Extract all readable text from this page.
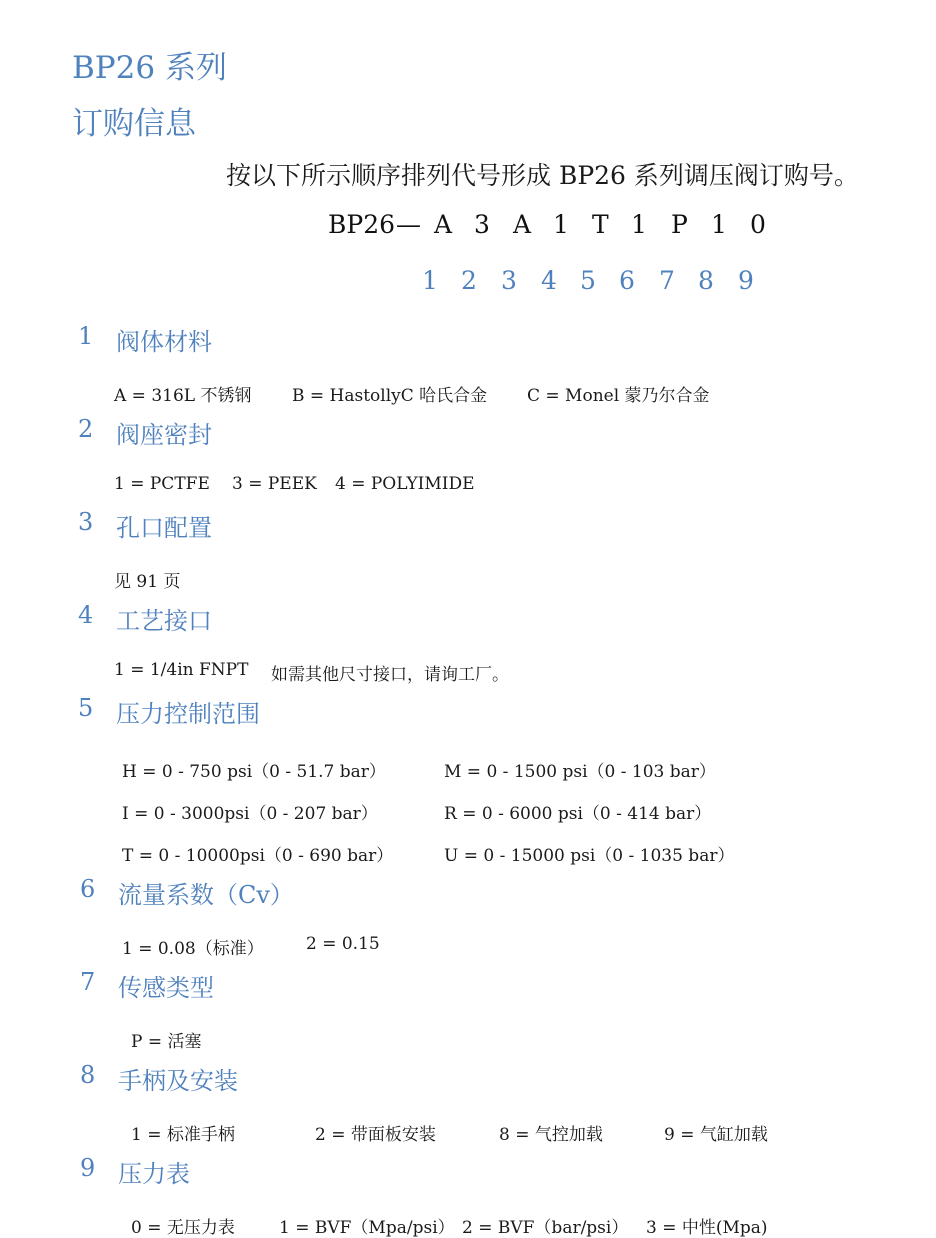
BP26 系列
订购信息
按以下所示顺序排列代号形成 BP26 系列调压阀订购号。
BP26 — A 3 A 1 T 1 P 1 0
1 2 3 4 5 6 7 8 9
1 阀体材料
A = 316L 不锈钢 B = HastollyC 哈氏合金 C = Monel 蒙乃尔合金
2 阀座密封
1 = PCTFE 3 = PEEK 4 = POLYIMIDE
3 孔口配置
见 91 页
4 工艺接口
1 = 1/4in FNPT 如需其他尺寸接口，请询工厂。
5 压力控制范围
H = 0 - 750 psi（0 - 51.7 bar）	M = 0 - 1500 psi（0 - 103 bar）
I = 0 - 3000psi（0 - 207 bar）	R = 0 - 6000 psi（0 - 414 bar）
T = 0 - 10000psi（0 - 690 bar）	U = 0 - 15000 psi（0 - 1035 bar）
6 流量系数（Cv）
1 = 0.08（标准） 2 = 0.15
7 传感类型
P = 活塞
8 手柄及安装
1 = 标准手柄	2 = 带面板安装	8 = 气控加载	9 = 气缸加载
9 压力表
0 = 无压力表	1 = BVF（Mpa/psi） 2 = BVF（bar/psi） 3 = 中性(Mpa)
